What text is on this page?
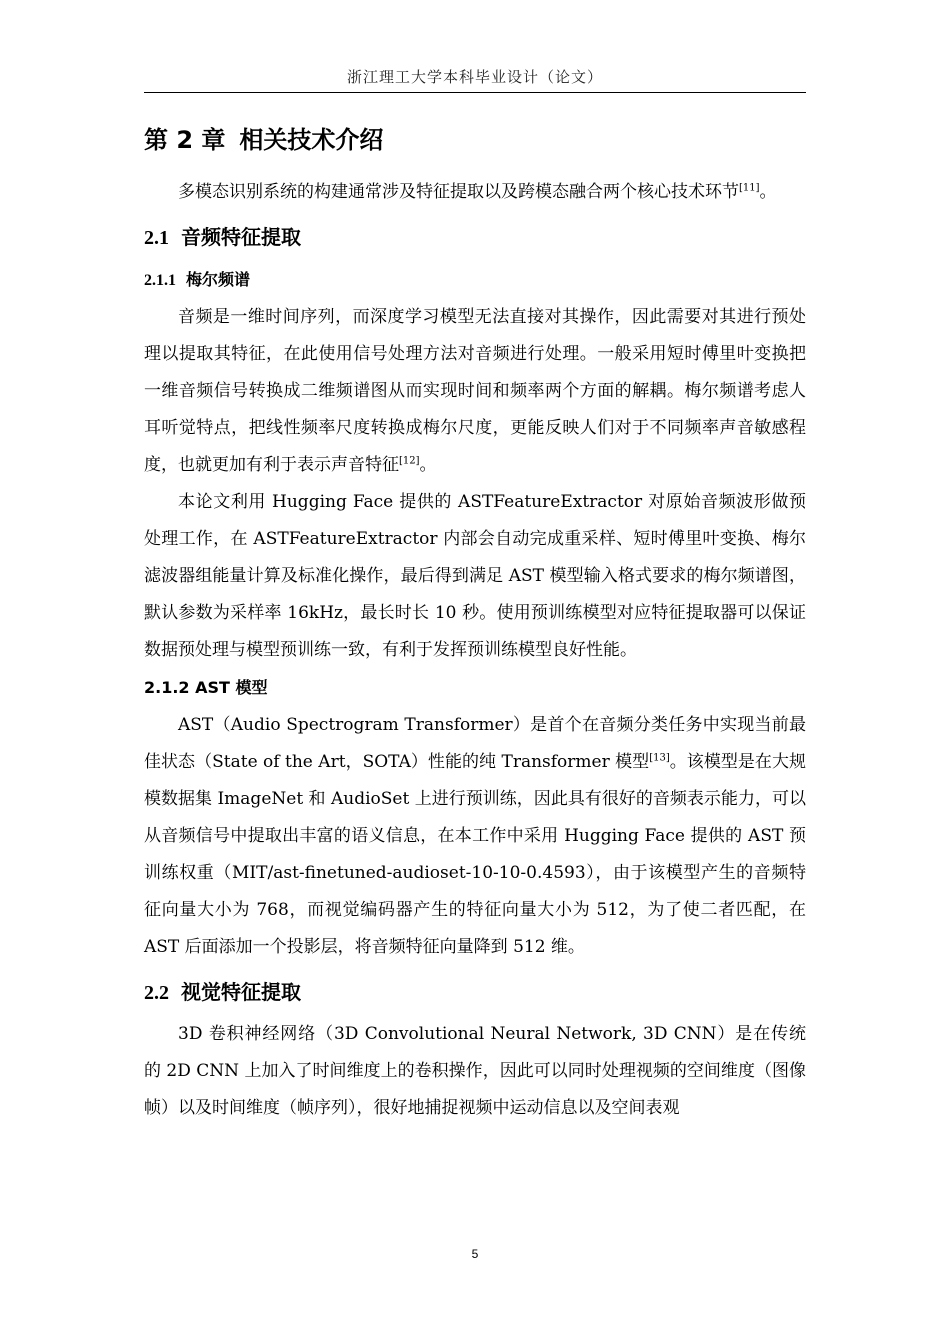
浙江理工大学本科毕业设计（论文）
第 2 章 相关技术介绍

多模态识别系统的构建通常涉及特征提取以及跨模态融合两个核心技术环节[11]。

2.1 音频特征提取
2.1.1 梅尔频谱

音频是一维时间序列，而深度学习模型无法直接对其操作，因此需要对其进行预处理以提取其特征，在此使用信号处理方法对音频进行处理。一般采用短时傅里叶变换把一维音频信号转换成二维频谱图从而实现时间和频率两个方面的解耦。梅尔频谱考虑人耳听觉特点，把线性频率尺度转换成梅尔尺度，更能反映人们对于不同频率声音敏感程度，也就更加有利于表示声音特征[12]。

本论文利用 Hugging Face 提供的 ASTFeatureExtractor 对原始音频波形做预处理工作，在 ASTFeatureExtractor 内部会自动完成重采样、短时傅里叶变换、梅尔滤波器组能量计算及标准化操作，最后得到满足 AST 模型输入格式要求的梅尔频谱图，默认参数为采样率 16kHz，最长时长 10 秒。使用预训练模型对应特征提取器可以保证数据预处理与模型预训练一致，有利于发挥预训练模型良好性能。

2.1.2 AST 模型

AST（Audio Spectrogram Transformer）是首个在音频分类任务中实现当前最佳状态（State of the Art，SOTA）性能的纯 Transformer 模型[13]。该模型是在大规模数据集 ImageNet 和 AudioSet 上进行预训练，因此具有很好的音频表示能力，可以从音频信号中提取出丰富的语义信息，在本工作中采用 Hugging Face 提供的 AST 预训练权重（MIT/ast-finetuned-audioset-10-10-0.4593），由于该模型产生的音频特征向量大小为 768，而视觉编码器产生的特征向量大小为 512，为了使二者匹配，在 AST 后面添加一个投影层，将音频特征向量降到 512 维。

2.2 视觉特征提取

3D 卷积神经网络（3D Convolutional Neural Network, 3D CNN）是在传统的 2D CNN 上加入了时间维度上的卷积操作，因此可以同时处理视频的空间维度（图像帧）以及时间维度（帧序列），很好地捕捉视频中运动信息以及空间表观

5
